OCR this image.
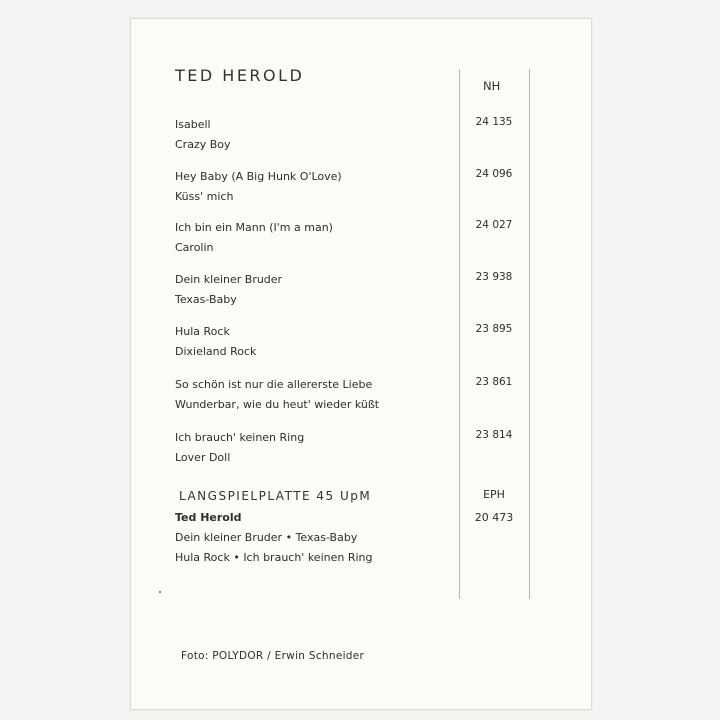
TED HEROLD
NH
Isabell
Crazy Boy
24 135
Hey Baby (A Big Hunk O'Love)
Küss' mich
24 096
Ich bin ein Mann (I'm a man)
Carolin
24 027
Dein kleiner Bruder
Texas-Baby
23 938
Hula Rock
Dixieland Rock
23 895
So schön ist nur die allererste Liebe
Wunderbar, wie du heut' wieder küßt
23 861
Ich brauch' keinen Ring
Lover Doll
23 814
LANGSPIELPLATTE 45 UpM	EPH
Ted Herold	20 473
Dein kleiner Bruder • Texas-Baby
Hula Rock • Ich brauch' keinen Ring
Foto: POLYDOR / Erwin Schneider
